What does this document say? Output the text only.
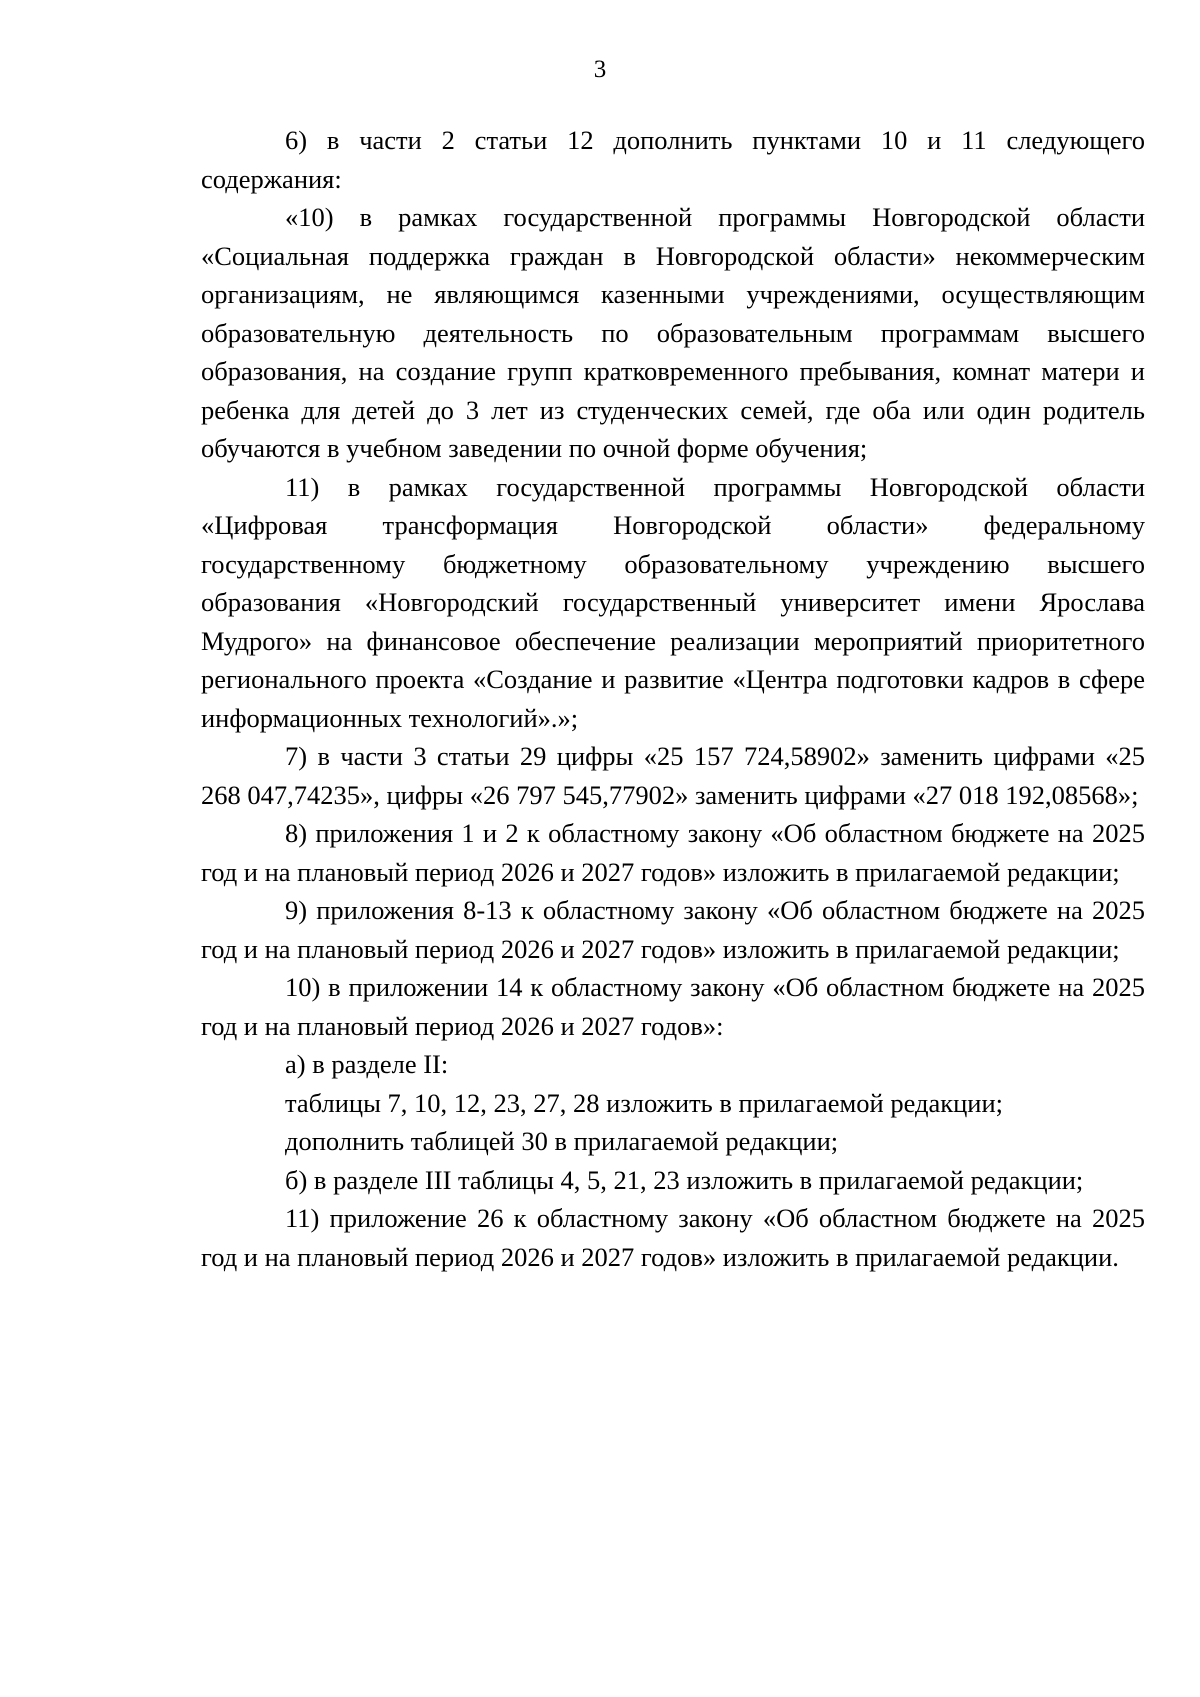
3

6) в части 2 статьи 12 дополнить пунктами 10 и 11 следующего содержания:

«10) в рамках государственной программы Новгородской области «Социальная поддержка граждан в Новгородской области» некоммерческим организациям, не являющимся казенными учреждениями, осуществляющим образовательную деятельность по образовательным программам высшего образования, на создание групп кратковременного пребывания, комнат матери и ребенка для детей до 3 лет из студенческих семей, где оба или один родитель обучаются в учебном заведении по очной форме обучения;

11) в рамках государственной программы Новгородской области «Цифровая трансформация Новгородской области» федеральному государственному бюджетному образовательному учреждению высшего образования «Новгородский государственный университет имени Ярослава Мудрого» на финансовое обеспечение реализации мероприятий приоритетного регионального проекта «Создание и развитие «Центра подготовки кадров в сфере информационных технологий».»;

7) в части 3 статьи 29 цифры «25 157 724,58902» заменить цифрами «25 268 047,74235», цифры «26 797 545,77902» заменить цифрами «27 018 192,08568»;

8) приложения 1 и 2 к областному закону «Об областном бюджете на 2025 год и на плановый период 2026 и 2027 годов» изложить в прилагаемой редакции;

9) приложения 8-13 к областному закону «Об областном бюджете на 2025 год и на плановый период 2026 и 2027 годов» изложить в прилагаемой редакции;

10) в приложении 14 к областному закону «Об областном бюджете на 2025 год и на плановый период 2026 и 2027 годов»:

а) в разделе II:

таблицы 7, 10, 12, 23, 27, 28 изложить в прилагаемой редакции;

дополнить таблицей 30 в прилагаемой редакции;

б) в разделе III таблицы 4, 5, 21, 23 изложить в прилагаемой редакции;

11) приложение 26 к областному закону «Об областном бюджете на 2025 год и на плановый период 2026 и 2027 годов» изложить в прилагаемой редакции.
